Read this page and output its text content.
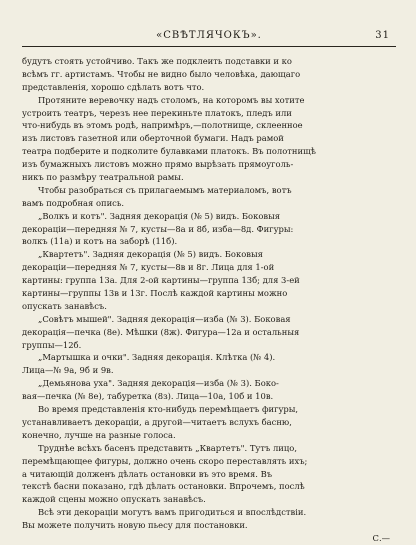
«СВѢТЛЯЧОКЪ».	31
будутъ стоять устойчиво. Такъ же подклеить подставки и ко
всѣмъ гг. артистамъ. Чтобы не видно было человѣка, дающаго
представленія, хорошо сдѣлать вотъ что.
Протяните веревочку надъ столомъ, на которомъ вы хотите
устроить театръ, черезъ нее перекиньте платокъ, пледъ или
что-нибудь въ этомъ родѣ, напримѣръ,—полотнище, склеенное
изъ листовъ газетной или оберточной бумаги. Надъ рамой
театра подберите и подколите булавками платокъ. Въ полотнищѣ
изъ бумажныхъ листовъ можно прямо вырѣзать прямоуголь-
никъ по размѣру театральной рамы.
Чтобы разобраться съ прилагаемымъ материаломъ, вотъ
вамъ подробная опись.
„Волкъ и котъ". Задняя декорація (№ 5) видъ. Боковыя
декораціи—передняя № 7, кусты—8а и 8б, изба—8д. Фигуры:
волкъ (11а) и котъ на заборѣ (11б).
„Квартетъ". Задняя декорація (№ 5) видъ. Боковыя
декораціи—передняя № 7, кусты—8в и 8г. Лица для 1-ой
картины: группа 13а. Для 2-ой картины—группа 13б; для 3-ей
картины—группы 13в и 13г. Послѣ каждой картины можно
опускать занавѣсъ.
„Совѣтъ мышей". Задняя декорація—изба (№ 3). Боковая
декорація—печка (8е). Мѣшки (8ж). Фигура—12а и остальныя
группы—12б.
„Мартышка и очки". Задняя декорація. Клѣтка (№ 4).
Лица—№ 9а, 9б и 9в.
„Демьянова уха". Задняя декорація—изба (№ 3). Боко-
вая—печка (№ 8е), табуретка (8з). Лица—10а, 10б и 10в.
Во время представленія кто-нибудь перемѣщаетъ фигуры,
устанавливаетъ декораціи, а другой—читаетъ вслухъ басню,
конечно, лучше на разные голоса.
Труднѣе всѣхъ басенъ представить „Квартетъ". Тутъ лицо,
перемѣщающее фигуры, должно очень скоро переставлять ихъ;
а читающій долженъ дѣлать остановки въ это время. Въ
текстѣ басни показано, гдѣ дѣлать остановки. Впрочемъ, послѣ
каждой сцены можно опускать занавѣсъ.
Всѣ эти декораціи могутъ вамъ пригодиться и впослѣдствіи.
Вы можете получить новую пьесу для постановки.
С.—
